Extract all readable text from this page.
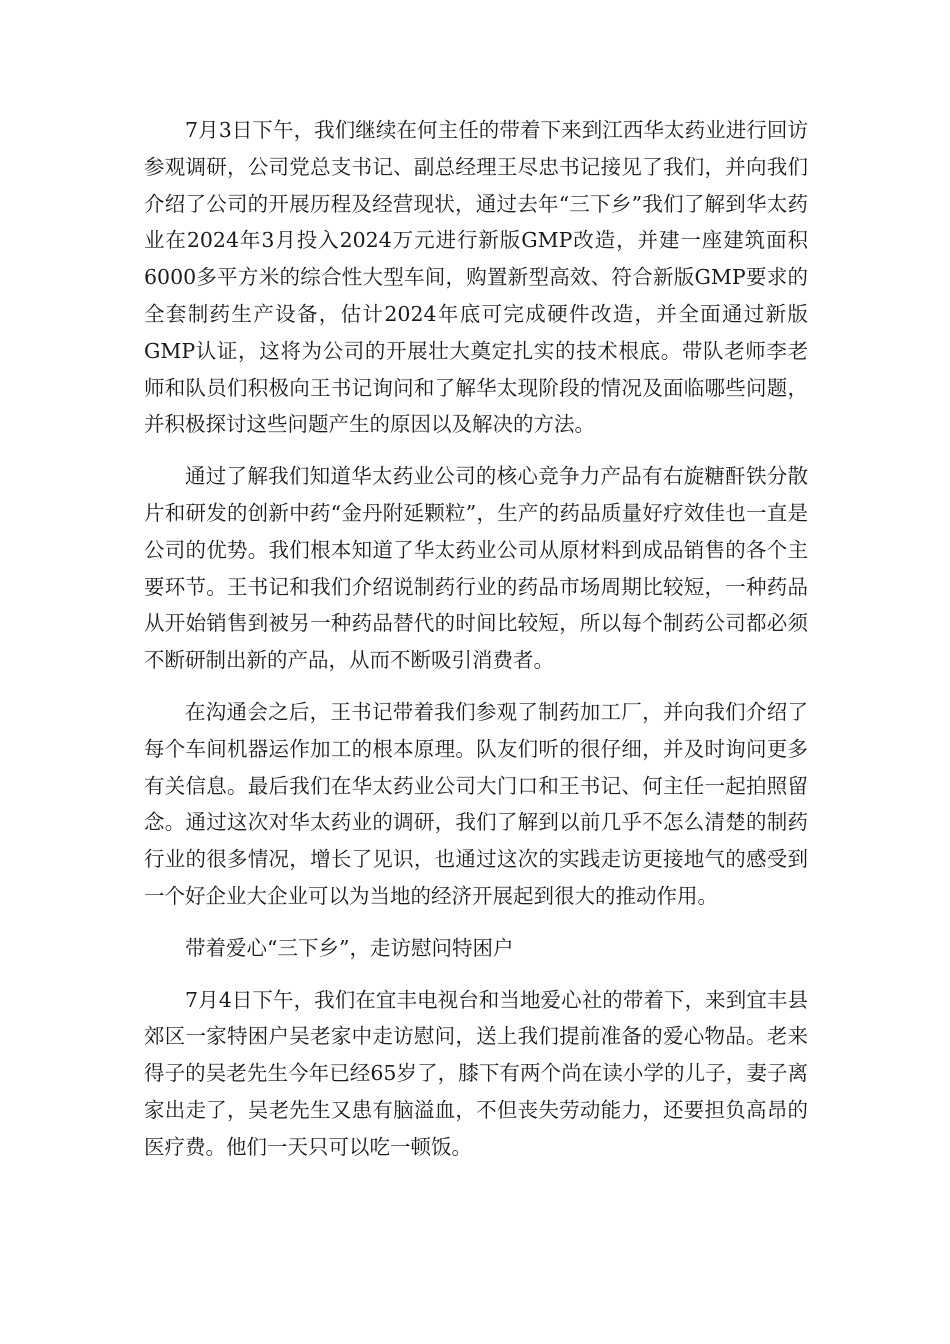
7月3日下午，我们继续在何主任的带着下来到江西华太药业进行回访参观调研，公司党总支书记、副总经理王尽忠书记接见了我们，并向我们介绍了公司的开展历程及经营现状，通过去年“三下乡”我们了解到华太药业在2024年3月投入2024万元进行新版GMP改造，并建一座建筑面积6000多平方米的综合性大型车间，购置新型高效、符合新版GMP要求的全套制药生产设备，估计2024年底可完成硬件改造，并全面通过新版GMP认证，这将为公司的开展壮大奠定扎实的技术根底。带队老师李老师和队员们积极向王书记询问和了解华太现阶段的情况及面临哪些问题，并积极探讨这些问题产生的原因以及解决的方法。

通过了解我们知道华太药业公司的核心竞争力产品有右旋糖酐铁分散片和研发的创新中药“金丹附延颗粒”，生产的药品质量好疗效佳也一直是公司的优势。我们根本知道了华太药业公司从原材料到成品销售的各个主要环节。王书记和我们介绍说制药行业的药品市场周期比较短，一种药品从开始销售到被另一种药品替代的时间比较短，所以每个制药公司都必须不断研制出新的产品，从而不断吸引消费者。

在沟通会之后，王书记带着我们参观了制药加工厂，并向我们介绍了每个车间机器运作加工的根本原理。队友们听的很仔细，并及时询问更多有关信息。最后我们在华太药业公司大门口和王书记、何主任一起拍照留念。通过这次对华太药业的调研，我们了解到以前几乎不怎么清楚的制药行业的很多情况，增长了见识，也通过这次的实践走访更接地气的感受到一个好企业大企业可以为当地的经济开展起到很大的推动作用。

带着爱心“三下乡”，走访慰问特困户

7月4日下午，我们在宜丰电视台和当地爱心社的带着下，来到宜丰县郊区一家特困户吴老家中走访慰问，送上我们提前准备的爱心物品。老来得子的吴老先生今年已经65岁了，膝下有两个尚在读小学的儿子，妻子离家出走了，吴老先生又患有脑溢血，不但丧失劳动能力，还要担负高昂的医疗费。他们一天只可以吃一顿饭。
